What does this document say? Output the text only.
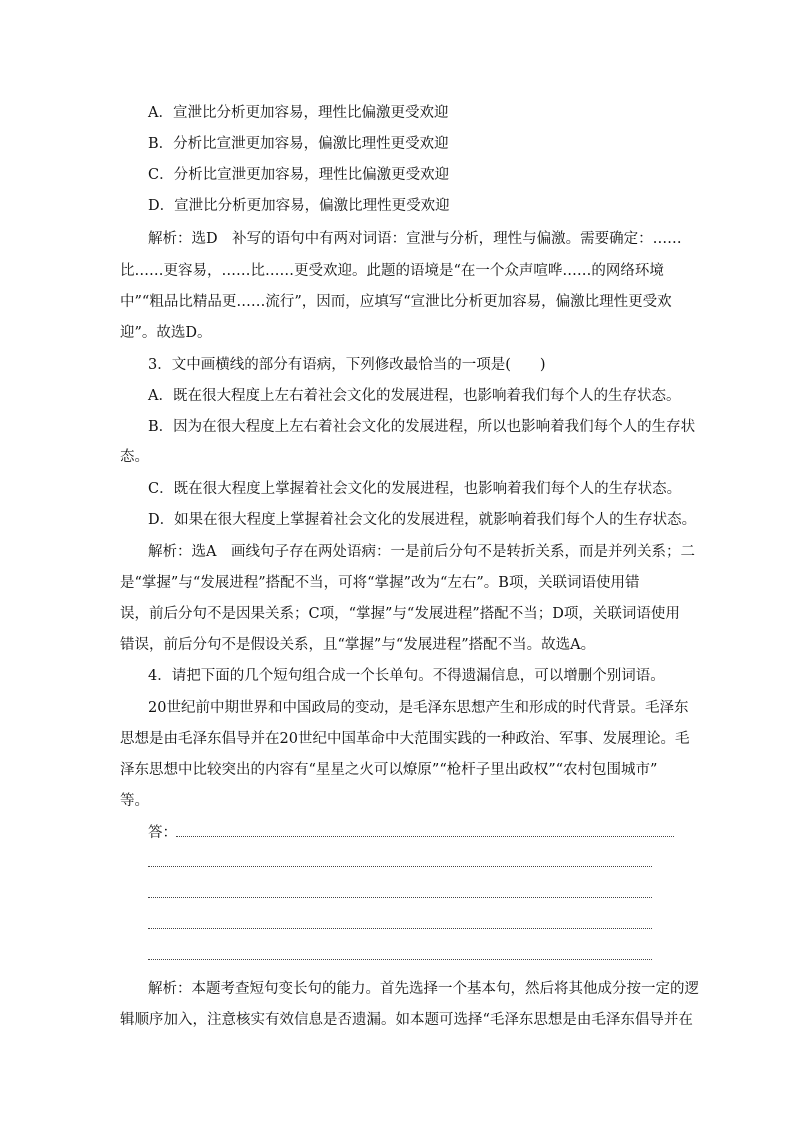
A．宣泄比分析更加容易，理性比偏激更受欢迎
B．分析比宣泄更加容易，偏激比理性更受欢迎
C．分析比宣泄更加容易，理性比偏激更受欢迎
D．宣泄比分析更加容易，偏激比理性更受欢迎
解析：选D　补写的语句中有两对词语：宣泄与分析，理性与偏激。需要确定：……
比……更容易，……比……更受欢迎。此题的语境是“在一个众声喧哗……的网络环境
中”“粗品比精品更……流行”，因而，应填写“宣泄比分析更加容易，偏激比理性更受欢
迎”。故选D。
3．文中画横线的部分有语病，下列修改最恰当的一项是(　　)
A．既在很大程度上左右着社会文化的发展进程，也影响着我们每个人的生存状态。
B．因为在很大程度上左右着社会文化的发展进程，所以也影响着我们每个人的生存状
态。
C．既在很大程度上掌握着社会文化的发展进程，也影响着我们每个人的生存状态。
D．如果在很大程度上掌握着社会文化的发展进程，就影响着我们每个人的生存状态。
解析：选A　画线句子存在两处语病：一是前后分句不是转折关系，而是并列关系；二
是“掌握”与“发展进程”搭配不当，可将“掌握”改为“左右”。B项，关联词语使用错
误，前后分句不是因果关系；C项，“掌握”与“发展进程”搭配不当；D项，关联词语使用
错误，前后分句不是假设关系，且“掌握”与“发展进程”搭配不当。故选A。
4．请把下面的几个短句组合成一个长单句。不得遗漏信息，可以增删个别词语。
20世纪前中期世界和中国政局的变动，是毛泽东思想产生和形成的时代背景。毛泽东
思想是由毛泽东倡导并在20世纪中国革命中大范围实践的一种政治、军事、发展理论。毛
泽东思想中比较突出的内容有“星星之火可以燎原”“枪杆子里出政权”“农村包围城市”
等。
答：
解析：本题考查短句变长句的能力。首先选择一个基本句，然后将其他成分按一定的逻
辑顺序加入，注意核实有效信息是否遗漏。如本题可选择“毛泽东思想是由毛泽东倡导并在
